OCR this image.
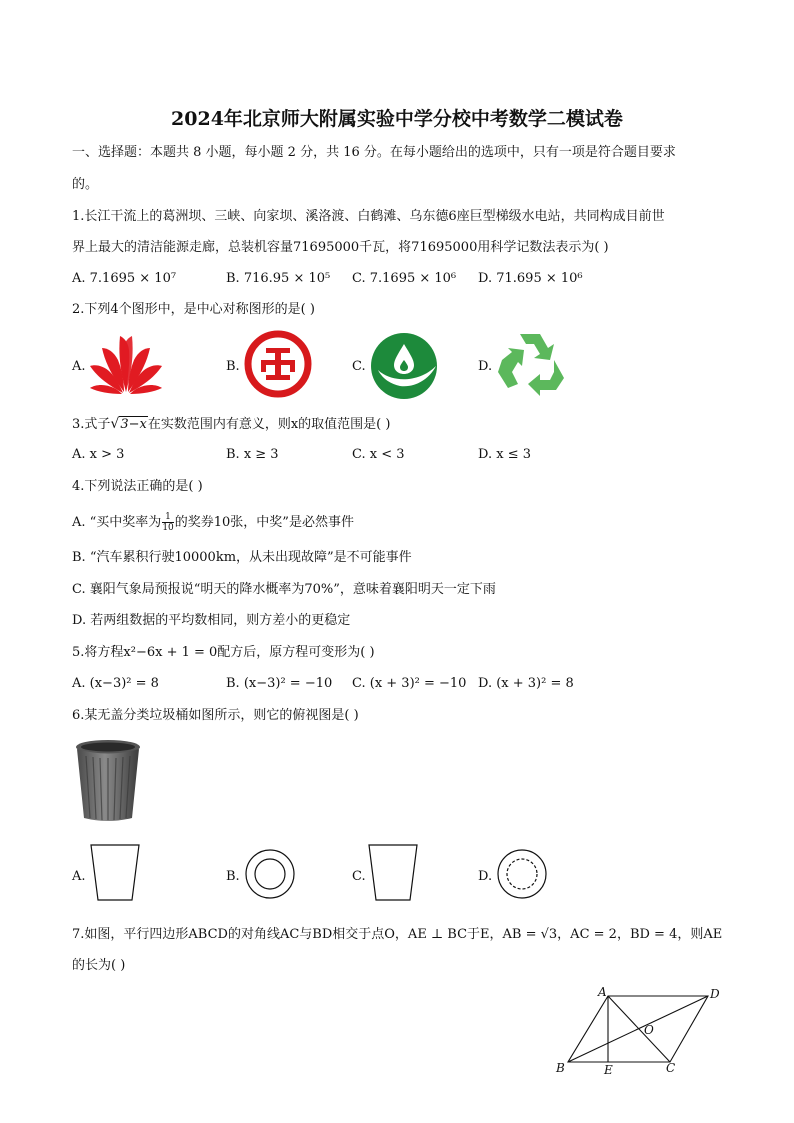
2024年北京师大附属实验中学分校中考数学二模试卷
一、选择题：本题共 8 小题，每小题 2 分，共 16 分。在每小题给出的选项中，只有一项是符合题目要求
的。
1.长江干流上的葛洲坝、三峡、向家坝、溪洛渡、白鹤滩、乌东德6座巨型梯级水电站，共同构成目前世
界上最大的清洁能源走廊，总装机容量71695000千瓦，将71695000用科学记数法表示为( )
A. 7.1695 × 10⁷	B. 716.95 × 10⁵ C. 7.1695 × 10⁶ D. 71.695 × 10⁶
2.下列4个图形中，是中心对称图形的是( )
A.	B.	C.	D.
3.式子√3−x在实数范围内有意义，则x的取值范围是( )
A. x > 3	B. x ≥ 3	C. x < 3	D. x ≤ 3
4.下列说法正确的是( )
A. “买中奖率为 $\frac{1}{10}$ 的奖券10张，中奖”是必然事件
B. “汽车累积行驶10000km，从未出现故障”是不可能事件
C. 襄阳气象局预报说“明天的降水概率为70%”，意味着襄阳明天一定下雨
D. 若两组数据的平均数相同，则方差小的更稳定
5.将方程x²−6x + 1 = 0配方后，原方程可变形为( )
A. (x−3)² = 8	B. (x−3)² = −10 C. (x + 3)² = −10 D. (x + 3)² = 8
6.某无盖分类垃圾桶如图所示，则它的俯视图是( )
A.	B.	C.	D.
7.如图，平行四边形ABCD的对角线AC与BD相交于点O，AE ⊥ BC于E，AB = √3，AC = 2，BD = 4，则AE
的长为( )
A	D
O
B	E	C
